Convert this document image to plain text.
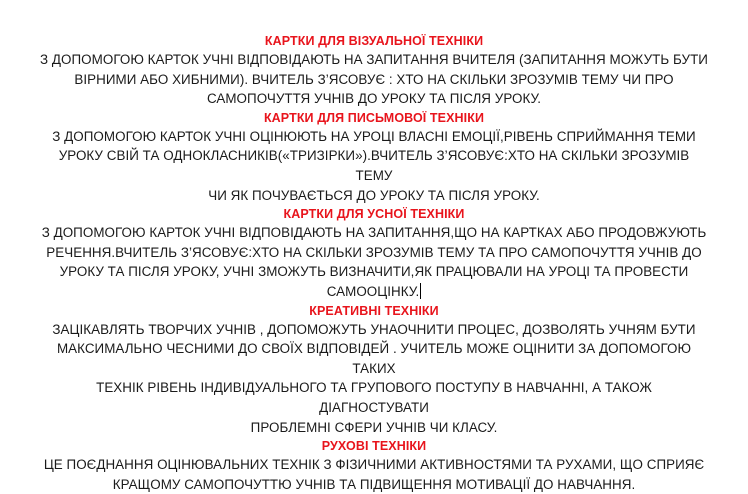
КАРТКИ ДЛЯ ВІЗУАЛЬНОЇ ТЕХНІКИ
З ДОПОМОГОЮ КАРТОК УЧНІ ВІДПОВІДАЮТЬ НА ЗАПИТАННЯ ВЧИТЕЛЯ (ЗАПИТАННЯ МОЖУТЬ БУТИ
ВІРНИМИ АБО ХИБНИМИ). ВЧИТЕЛЬ З’ЯСОВУЄ : ХТО НА СКІЛЬКИ ЗРОЗУМІВ ТЕМУ ЧИ ПРО
САМОПОЧУТТЯ УЧНІВ ДО УРОКУ ТА ПІСЛЯ УРОКУ.
КАРТКИ ДЛЯ ПИСЬМОВОЇ ТЕХНІКИ
З ДОПОМОГОЮ КАРТОК УЧНІ ОЦІНЮЮТЬ НА УРОЦІ ВЛАСНІ ЕМОЦІЇ,РІВЕНЬ СПРИЙМАННЯ ТЕМИ
УРОКУ СВІЙ ТА ОДНОКЛАСНИКІВ(«ТРИЗІРКИ»).ВЧИТЕЛЬ З’ЯСОВУЄ:ХТО НА СКІЛЬКИ ЗРОЗУМІВ ТЕМУ
ЧИ ЯК ПОЧУВАЄТЬСЯ ДО УРОКУ ТА ПІСЛЯ УРОКУ.
КАРТКИ ДЛЯ УСНОЇ ТЕХНІКИ
З ДОПОМОГОЮ КАРТОК УЧНІ ВІДПОВІДАЮТЬ НА ЗАПИТАННЯ,ЩО НА КАРТКАХ АБО ПРОДОВЖУЮТЬ
РЕЧЕННЯ.ВЧИТЕЛЬ З’ЯСОВУЄ:ХТО НА СКІЛЬКИ ЗРОЗУМІВ ТЕМУ ТА ПРО САМОПОЧУТТЯ УЧНІВ ДО
УРОКУ ТА ПІСЛЯ УРОКУ, УЧНІ ЗМОЖУТЬ ВИЗНАЧИТИ,ЯК ПРАЦЮВАЛИ НА УРОЦІ ТА ПРОВЕСТИ
САМООЦІНКУ.
КРЕАТИВНІ ТЕХНІКИ
ЗАЦІКАВЛЯТЬ ТВОРЧИХ УЧНІВ , ДОПОМОЖУТЬ УНАОЧНИТИ ПРОЦЕС, ДОЗВОЛЯТЬ УЧНЯМ БУТИ
МАКСИМАЛЬНО ЧЕСНИМИ ДО СВОЇХ ВІДПОВІДЕЙ . УЧИТЕЛЬ МОЖЕ ОЦІНИТИ ЗА ДОПОМОГОЮ ТАКИХ
ТЕХНІК РІВЕНЬ ІНДИВІДУАЛЬНОГО ТА ГРУПОВОГО ПОСТУПУ В НАВЧАННІ, А ТАКОЖ ДІАГНОСТУВАТИ
ПРОБЛЕМНІ СФЕРИ УЧНІВ ЧИ КЛАСУ.
РУХОВІ ТЕХНІКИ
ЦЕ ПОЄДНАННЯ ОЦІНЮВАЛЬНИХ ТЕХНІК З ФІЗИЧНИМИ АКТИВНОСТЯМИ ТА РУХАМИ, ЩО СПРИЯЄ
КРАЩОМУ САМОПОЧУТТЮ УЧНІВ ТА ПІДВИЩЕННЯ МОТИВАЦІЇ ДО НАВЧАННЯ.
